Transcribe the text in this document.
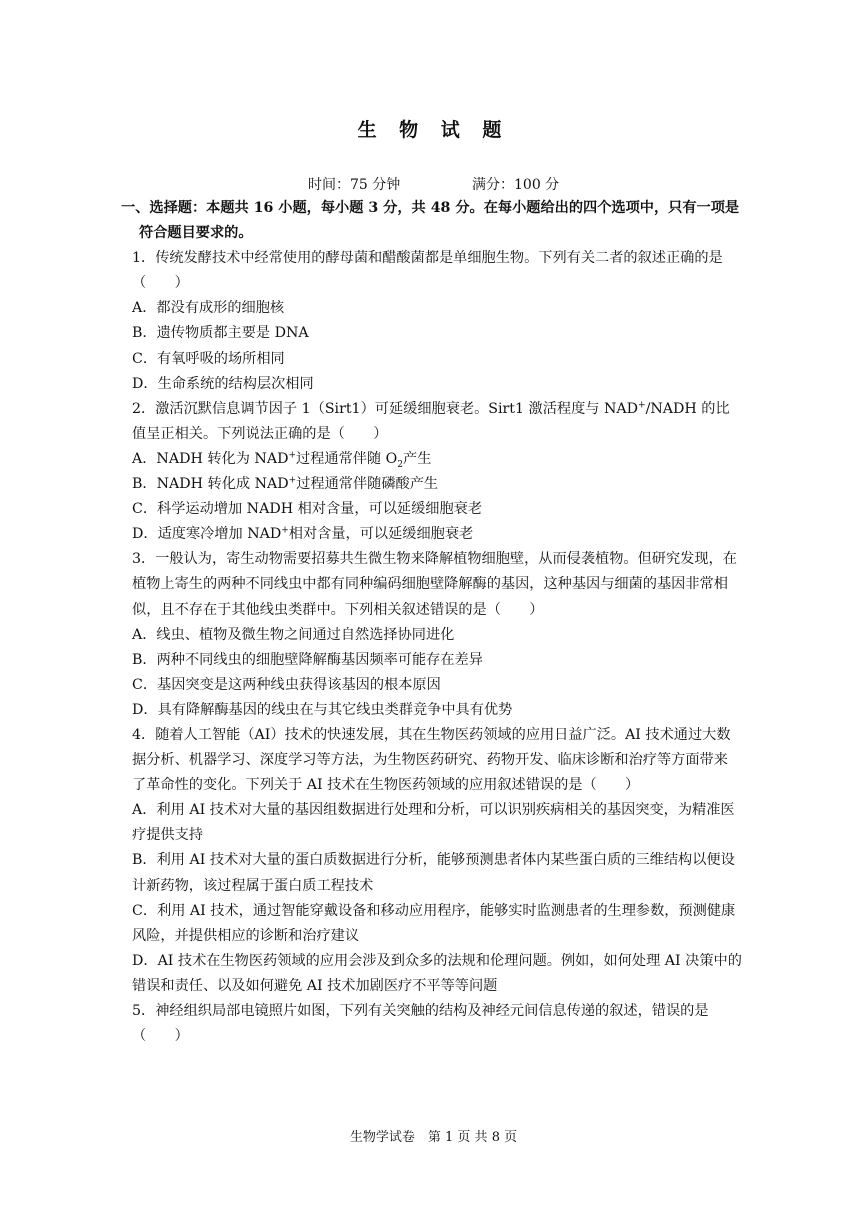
生 物 试 题
时间：75 分钟	满分：100 分

一、选择题：本题共 16 小题，每小题 3 分，共 48 分。在每小题给出的四个选项中，只有一项是符合题目要求的。

1．传统发酵技术中经常使用的酵母菌和醋酸菌都是单细胞生物。下列有关二者的叙述正确的是（　　）

A．都没有成形的细胞核

B．遗传物质都主要是 DNA

C．有氧呼吸的场所相同

D．生命系统的结构层次相同

2．激活沉默信息调节因子 1（Sirt1）可延缓细胞衰老。Sirt1 激活程度与 NAD+/NADH 的比值呈正相关。下列说法正确的是（　　）

A．NADH 转化为 NAD+过程通常伴随 $O_2$产生

B．NADH 转化成 NAD+过程通常伴随磷酸产生

C．科学运动增加 NADH 相对含量，可以延缓细胞衰老

D．适度寒冷增加 NAD+相对含量，可以延缓细胞衰老

3．一般认为，寄生动物需要招募共生微生物来降解植物细胞壁，从而侵袭植物。但研究发现，在植物上寄生的两种不同线虫中都有同种编码细胞壁降解酶的基因，这种基因与细菌的基因非常相似，且不存在于其他线虫类群中。下列相关叙述错误的是（　　）

A．线虫、植物及微生物之间通过自然选择协同进化

B．两种不同线虫的细胞壁降解酶基因频率可能存在差异

C．基因突变是这两种线虫获得该基因的根本原因

D．具有降解酶基因的线虫在与其它线虫类群竞争中具有优势

4．随着人工智能（AI）技术的快速发展，其在生物医药领域的应用日益广泛。AI 技术通过大数据分析、机器学习、深度学习等方法，为生物医药研究、药物开发、临床诊断和治疗等方面带来了革命性的变化。下列关于 AI 技术在生物医药领域的应用叙述错误的是（　　）

A．利用 AI 技术对大量的基因组数据进行处理和分析，可以识别疾病相关的基因突变，为精准医疗提供支持

B．利用 AI 技术对大量的蛋白质数据进行分析，能够预测患者体内某些蛋白质的三维结构以便设计新药物，该过程属于蛋白质工程技术

C．利用 AI 技术，通过智能穿戴设备和移动应用程序，能够实时监测患者的生理参数，预测健康风险，并提供相应的诊断和治疗建议

D．AI 技术在生物医药领域的应用会涉及到众多的法规和伦理问题。例如，如何处理 AI 决策中的错误和责任、以及如何避免 AI 技术加剧医疗不平等等问题

5．神经组织局部电镜照片如图，下列有关突触的结构及神经元间信息传递的叙述，错误的是（　　）

生物学试卷　第 1 页 共 8 页
